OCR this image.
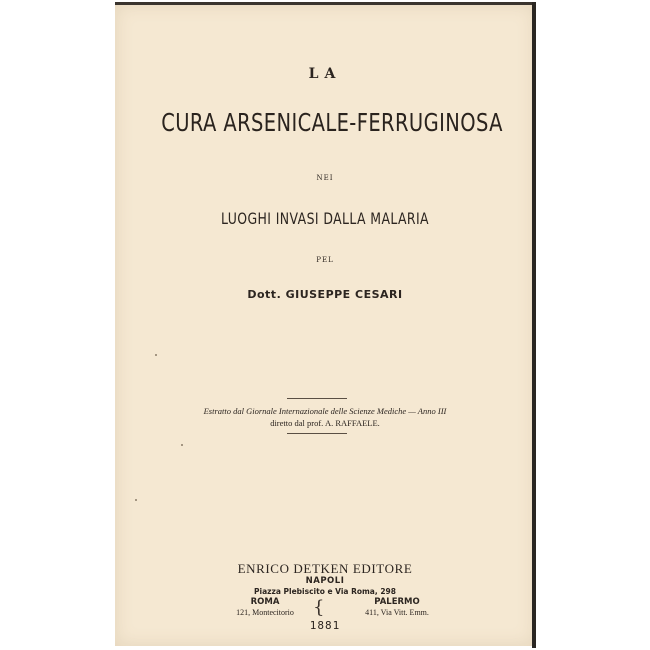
LA
CURA ARSENICALE-FERRUGINOSA
NEI
LUOGHI INVASI DALLA MALARIA
PEL
Dott. GIUSEPPE CESARI
Estratto dal Giornale Internazionale delle Scienze Mediche — Anno III
diretto dal prof. A. RAFFAELE.
ENRICO DETKEN EDITORE
NAPOLI
Piazza Plebiscito e Via Roma, 298
ROMA
121, Montecitorio	{	PALERMO
411, Via Vitt. Emm.
1881
